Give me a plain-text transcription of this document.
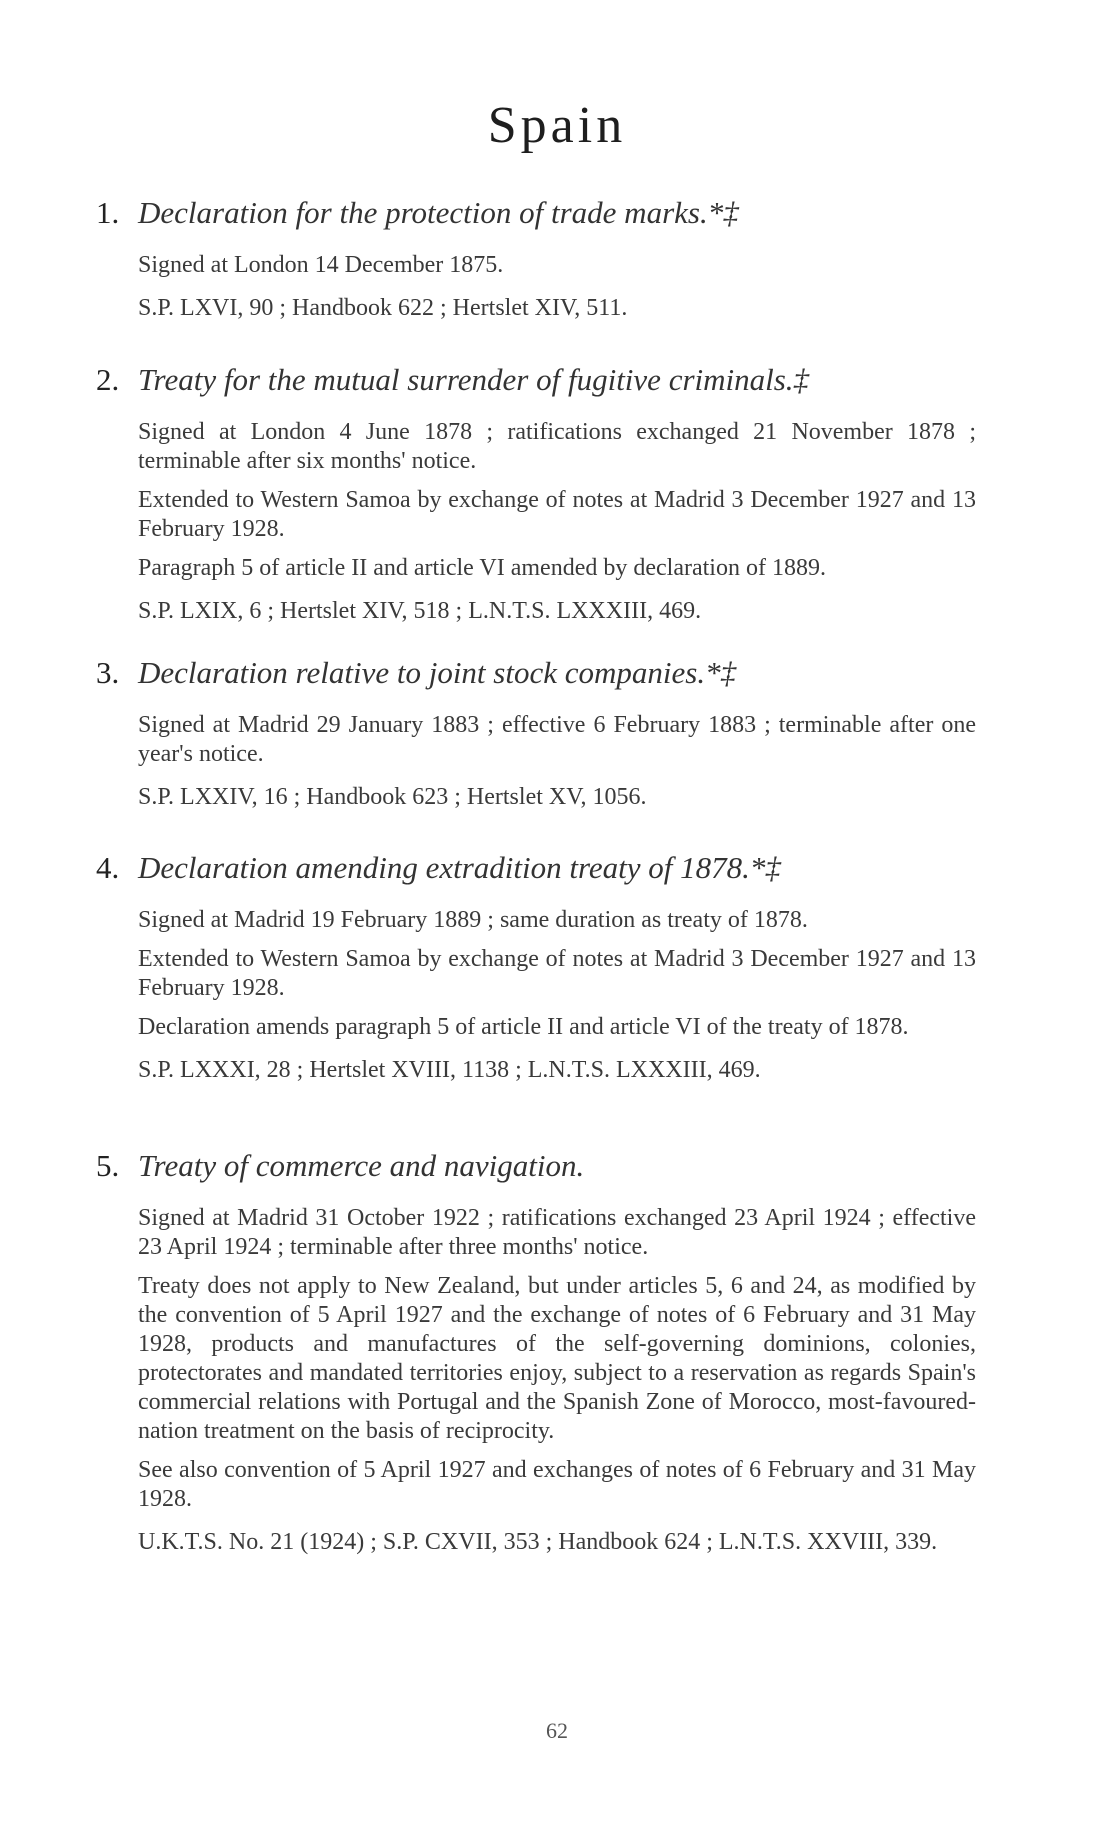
Spain
1. Declaration for the protection of trade marks.*‡
Signed at London 14 December 1875.
S.P. LXVI, 90 ; Handbook 622 ; Hertslet XIV, 511.
2. Treaty for the mutual surrender of fugitive criminals.‡
Signed at London 4 June 1878 ; ratifications exchanged 21 November 1878 ; terminable after six months' notice.
Extended to Western Samoa by exchange of notes at Madrid 3 December 1927 and 13 February 1928.
Paragraph 5 of article II and article VI amended by declaration of 1889.
S.P. LXIX, 6 ; Hertslet XIV, 518 ; L.N.T.S. LXXXIII, 469.
3. Declaration relative to joint stock companies.*‡
Signed at Madrid 29 January 1883 ; effective 6 February 1883 ; terminable after one year's notice.
S.P. LXXIV, 16 ; Handbook 623 ; Hertslet XV, 1056.
4. Declaration amending extradition treaty of 1878.*‡
Signed at Madrid 19 February 1889 ; same duration as treaty of 1878.
Extended to Western Samoa by exchange of notes at Madrid 3 December 1927 and 13 February 1928.
Declaration amends paragraph 5 of article II and article VI of the treaty of 1878.
S.P. LXXXI, 28 ; Hertslet XVIII, 1138 ; L.N.T.S. LXXXIII, 469.
5. Treaty of commerce and navigation.
Signed at Madrid 31 October 1922 ; ratifications exchanged 23 April 1924 ; effective 23 April 1924 ; terminable after three months' notice.
Treaty does not apply to New Zealand, but under articles 5, 6 and 24, as modified by the convention of 5 April 1927 and the exchange of notes of 6 February and 31 May 1928, products and manufactures of the self-governing dominions, colonies, protectorates and mandated territories enjoy, subject to a reservation as regards Spain's commercial relations with Portugal and the Spanish Zone of Morocco, most-favoured-nation treatment on the basis of reciprocity.
See also convention of 5 April 1927 and exchanges of notes of 6 February and 31 May 1928.
U.K.T.S. No. 21 (1924) ; S.P. CXVII, 353 ; Handbook 624 ; L.N.T.S. XXVIII, 339.
62
